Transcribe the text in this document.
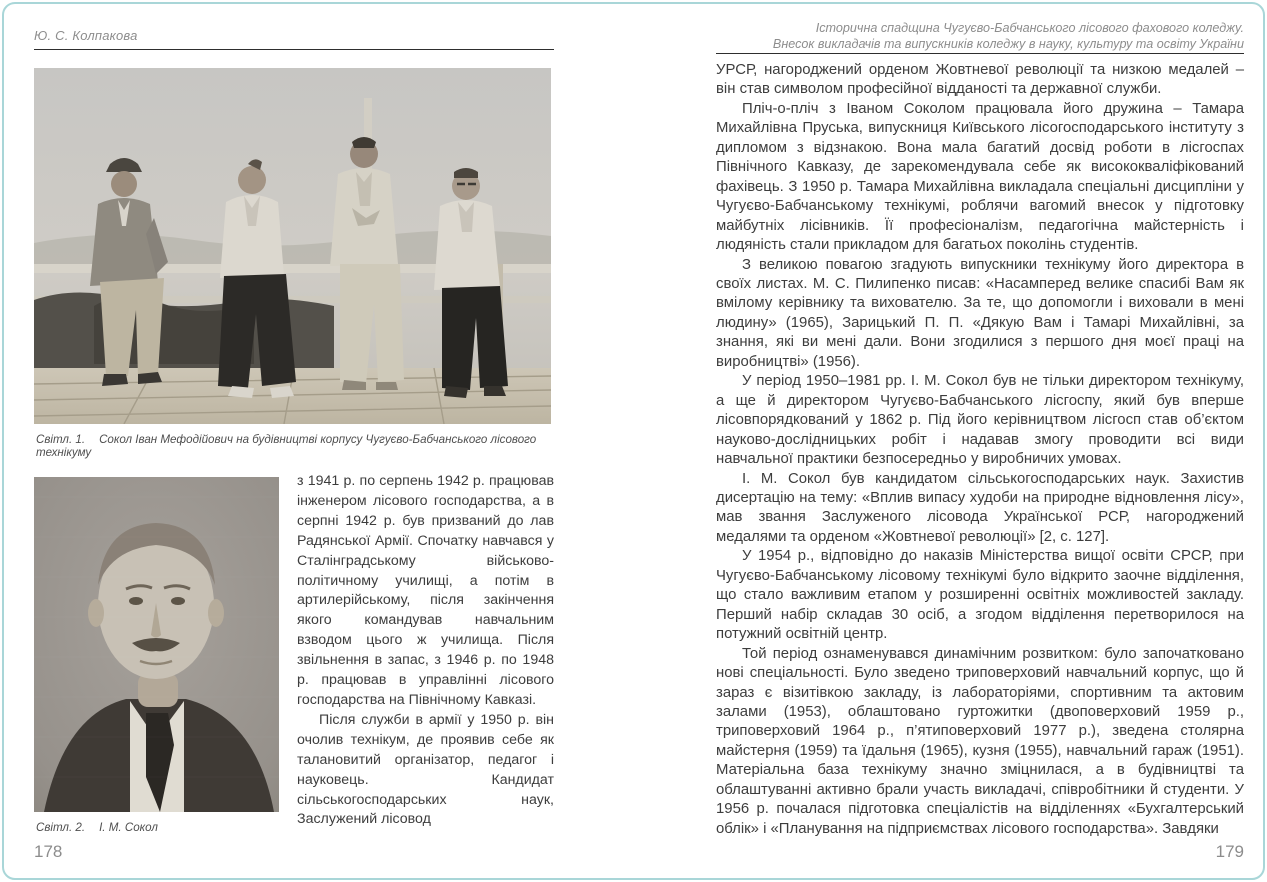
Ю. С. Колпакова
Світл. 1. Сокол Іван Мефодійович на будівництві корпусу Чугуєво-Бабчанського лісового технікуму
Світл. 2. І. М. Сокол

з 1941 р. по серпень 1942 р. працював інженером лісового господарства, а в серпні 1942 р. був призваний до лав Радянської Армії. Спочатку навчався у Сталінградському військово-політичному училищі, а потім в артилерійському, після закінчення якого командував навчальним взводом цього ж училища. Після звільнення в запас, з 1946 р. по 1948 р. працював в управлінні лісового господарства на Північному Кавказі.

Після служби в армії у 1950 р. він очолив технікум, де проявив себе як талановитий організатор, педагог і науковець. Кандидат сільськогосподарських наук, Заслужений лісовод

178
Історична спадщина Чугуєво-Бабчанського лісового фахового коледжу.
Внесок викладачів та випускників коледжу в науку, культуру та освіту України

УРСР, нагороджений орденом Жовтневої революції та низкою медалей – він став символом професійної відданості та державної служби.

Пліч-о-пліч з Іваном Соколом працювала його дружина – Тамара Михайлівна Пруська, випускниця Київського лісогосподарського інституту з дипломом з відзнакою. Вона мала багатий досвід роботи в лісгоспах Північного Кавказу, де зарекомендувала себе як висококваліфікований фахівець. З 1950 р. Тамара Михайлівна викладала спеціальні дисципліни у Чугуєво-Бабчанському технікумі, роблячи вагомий внесок у підготовку майбутніх лісівників. Її професіоналізм, педагогічна майстерність і людяність стали прикладом для багатьох поколінь студентів.

З великою повагою згадують випускники технікуму його директора в своїх листах. М. С. Пилипенко писав: «Насамперед велике спасибі Вам як вмілому керівнику та вихователю. За те, що допомогли і виховали в мені людину» (1965), Зарицький П. П. «Дякую Вам і Тамарі Михайлівні, за знання, які ви мені дали. Вони згодилися з першого дня моєї праці на виробництві» (1956).

У період 1950–1981 рр. І. М. Сокол був не тільки директором технікуму, а ще й директором Чугуєво-Бабчанського лісгоспу, який був вперше лісовпорядкований у 1862 р. Під його керівництвом лісгосп став об’єктом науково-дослідницьких робіт і надавав змогу проводити всі види навчальної практики безпосередньо у виробничих умовах.

І. М. Сокол був кандидатом сільськогосподарських наук. Захистив дисертацію на тему: «Вплив випасу худоби на природне відновлення лісу», мав звання Заслуженого лісовода Української РСР, нагороджений медалями та орденом «Жовтневої революції» [2, с. 127].

У 1954 р., відповідно до наказів Міністерства вищої освіти СРСР, при Чугуєво-Бабчанському лісовому технікумі було відкрито заочне відділення, що стало важливим етапом у розширенні освітніх можливостей закладу. Перший набір складав 30 осіб, а згодом відділення перетворилося на потужний освітній центр.

Той період ознаменувався динамічним розвитком: було започатковано нові спеціальності. Було зведено триповерховий навчальний корпус, що й зараз є візитівкою закладу, із лабораторіями, спортивним та актовим залами (1953), облаштовано гуртожитки (двоповерховий 1959 р., триповерховий 1964 р., п’ятиповерховий 1977 р.), зведена столярна майстерня (1959) та їдальня (1965), кузня (1955), навчальний гараж (1951). Матеріальна база технікуму значно зміцнилася, а в будівництві та облаштуванні активно брали участь викладачі, співробітники й студенти. У 1956 р. почалася підготовка спеціалістів на відділеннях «Бухгалтерський облік» і «Планування на підприємствах лісового господарства». Завдяки

179
